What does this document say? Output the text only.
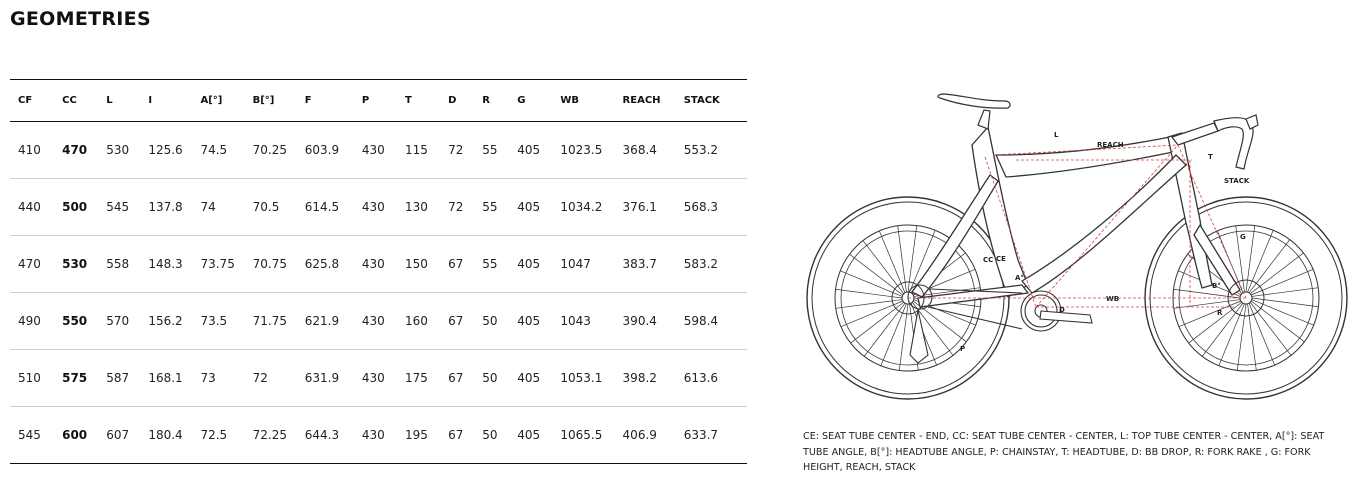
GEOMETRIES
CF	CC	L	I	A[°]	B[°]	F	P	T	D	R	G	WB	REACH	STACK
410	470	530	125.6	74.5	70.25	603.9	430	115	72	55	405	1023.5	368.4	553.2
440	500	545	137.8	74	70.5	614.5	430	130	72	55	405	1034.2	376.1	568.3
470	530	558	148.3	73.75	70.75	625.8	430	150	67	55	405	1047	383.7	583.2
490	550	570	156.2	73.5	71.75	621.9	430	160	67	50	405	1043	390.4	598.4
510	575	587	168.1	73	72	631.9	430	175	67	50	405	1053.1	398.2	613.6
545	600	607	180.4	72.5	72.25	644.3	430	195	67	50	405	1065.5	406.9	633.7
L
REACH
T
STACK
G
CC CE
A°
B°
WB
D	R
P
CE: SEAT TUBE CENTER - END, CC: SEAT TUBE CENTER - CENTER, L: TOP TUBE CENTER - CENTER, A[°]: SEAT TUBE ANGLE, B[°]: HEADTUBE ANGLE, P: CHAINSTAY, T: HEADTUBE, D: BB DROP, R: FORK RAKE , G: FORK HEIGHT, REACH, STACK
